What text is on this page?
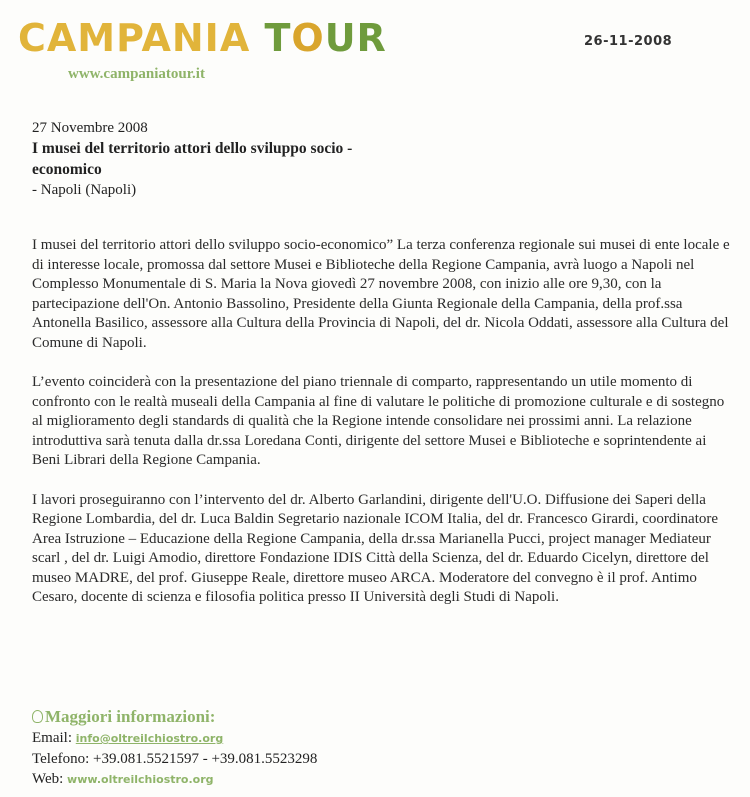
CAMPANIA TOUR	26-11-2008
www.campaniatour.it
27 Novembre 2008
I musei del territorio attori dello sviluppo socio - economico
- Napoli (Napoli)

I musei del territorio attori dello sviluppo socio-economico” La terza conferenza regionale sui musei di ente locale e di interesse locale, promossa dal settore Musei e Biblioteche della Regione Campania, avrà luogo a Napoli nel Complesso Monumentale di S. Maria la Nova giovedì 27 novembre 2008, con inizio alle ore 9,30, con la partecipazione dell'On. Antonio Bassolino, Presidente della Giunta Regionale della Campania, della prof.ssa Antonella Basilico, assessore alla Cultura della Provincia di Napoli, del dr. Nicola Oddati, assessore alla Cultura del Comune di Napoli.

L’evento coinciderà con la presentazione del piano triennale di comparto, rappresentando un utile momento di confronto con le realtà museali della Campania al fine di valutare le politiche di promozione culturale e di sostegno al miglioramento degli standards di qualità che la Regione intende consolidare nei prossimi anni. La relazione introduttiva sarà tenuta dalla dr.ssa Loredana Conti, dirigente del settore Musei e Biblioteche e soprintendente ai Beni Librari della Regione Campania.

I lavori proseguiranno con l’intervento del dr. Alberto Garlandini, dirigente dell'U.O. Diffusione dei Saperi della Regione Lombardia, del dr. Luca Baldin Segretario nazionale ICOM Italia, del dr. Francesco Girardi, coordinatore Area Istruzione – Educazione della Regione Campania, della dr.ssa Marianella Pucci, project manager Mediateur scarl , del dr. Luigi Amodio, direttore Fondazione IDIS Città della Scienza, del dr. Eduardo Cicelyn, direttore del museo MADRE, del prof. Giuseppe Reale, direttore museo ARCA. Moderatore del convegno è il prof. Antimo Cesaro, docente di scienza e filosofia politica presso II Università degli Studi di Napoli.

Maggiori informazioni:
Email: info@oltreilchiostro.org
Telefono: +39.081.5521597 - +39.081.5523298
Web: www.oltreilchiostro.org
